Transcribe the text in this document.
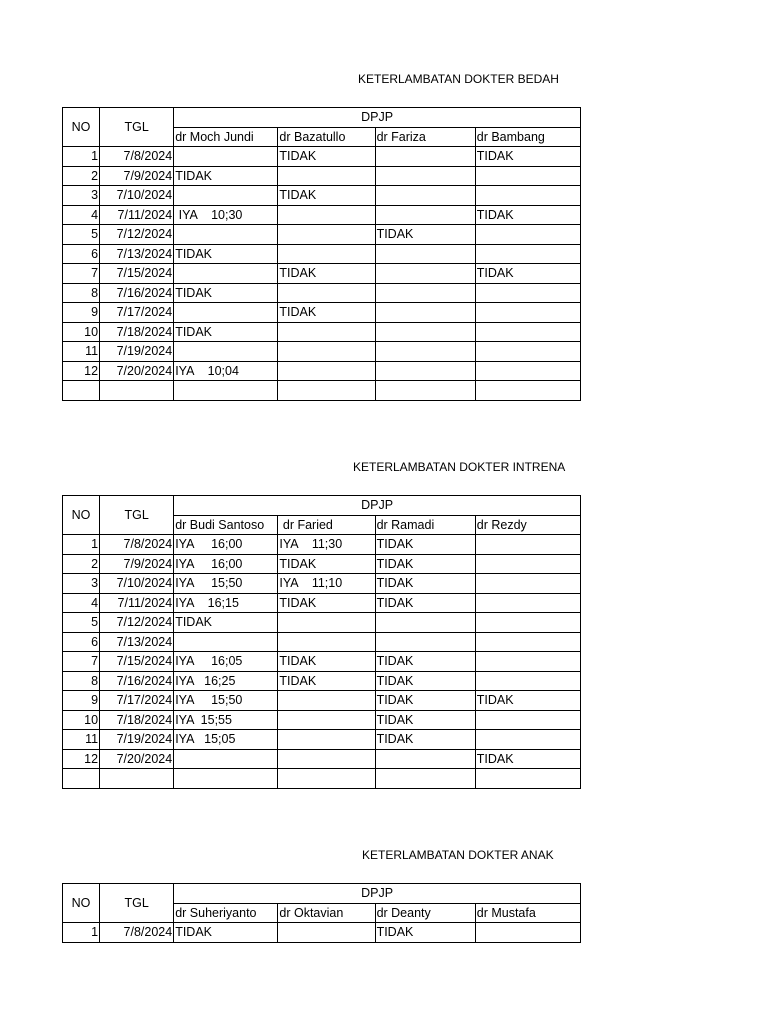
KETERLAMBATAN DOKTER BEDAH
NO	TGL	DPJP			
		dr Moch Jundi	dr Bazatullo	dr Fariza	dr Bambang
1	7/8/2024		TIDAK		TIDAK
2	7/9/2024	TIDAK			
3	7/10/2024		TIDAK		
4	7/11/2024	IYA    10;30			TIDAK
5	7/12/2024			TIDAK	
6	7/13/2024	TIDAK			
7	7/15/2024		TIDAK		TIDAK
8	7/16/2024	TIDAK			
9	7/17/2024		TIDAK		
10	7/18/2024	TIDAK			
11	7/19/2024				
12	7/20/2024	IYA    10;04			

KETERLAMBATAN DOKTER INTRENA
NO	TGL	DPJP			
		dr Budi Santoso	dr Faried	dr Ramadi	dr Rezdy
1	7/8/2024	IYA     16;00	IYA    11;30	TIDAK	
2	7/9/2024	IYA     16;00	TIDAK	TIDAK	
3	7/10/2024	IYA     15;50	IYA    11;10	TIDAK	
4	7/11/2024	IYA    16;15	TIDAK	TIDAK	
5	7/12/2024	TIDAK			
6	7/13/2024				
7	7/15/2024	IYA     16;05	TIDAK	TIDAK	
8	7/16/2024	IYA   16;25	TIDAK	TIDAK	
9	7/17/2024	IYA     15;50		TIDAK	TIDAK
10	7/18/2024	IYA  15;55		TIDAK	
11	7/19/2024	IYA   15;05		TIDAK	
12	7/20/2024				TIDAK

KETERLAMBATAN DOKTER ANAK
NO	TGL	DPJP			
		dr Suheriyanto	dr Oktavian	dr Deanty	dr Mustafa
1	7/8/2024	TIDAK		TIDAK	
